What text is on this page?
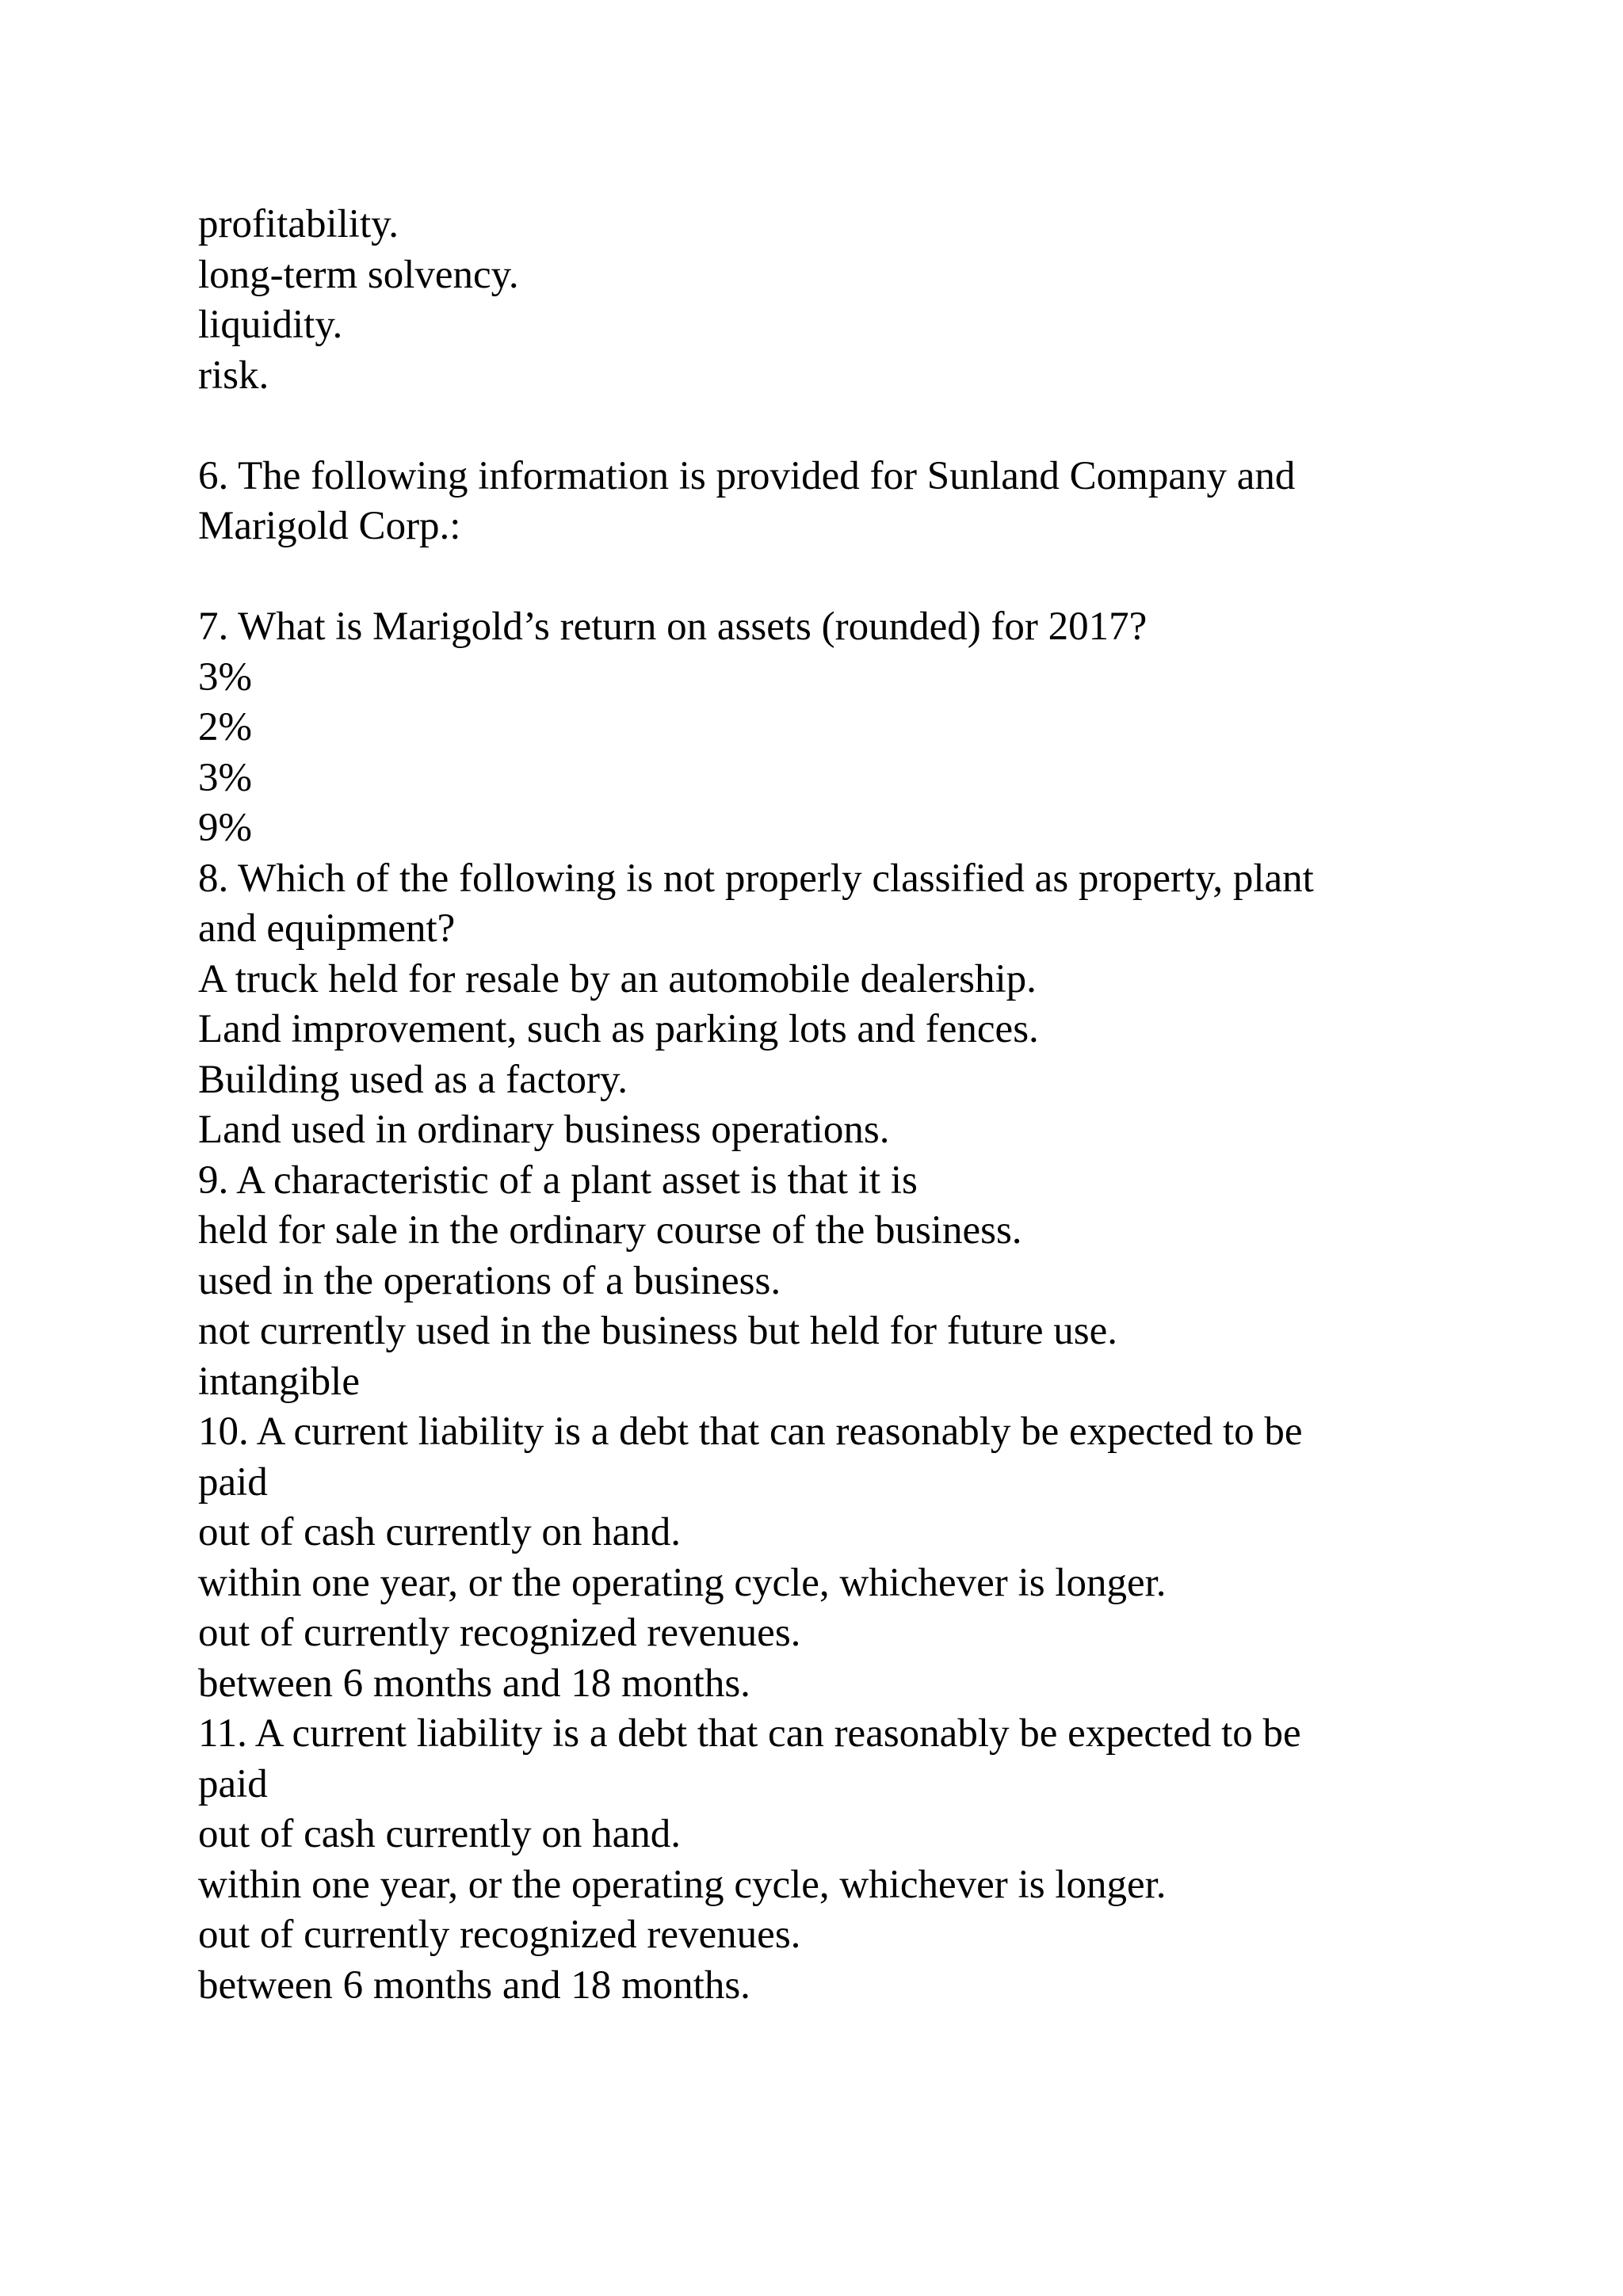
profitability.
long-term solvency.
liquidity.
risk.
6. The following information is provided for Sunland Company and
Marigold Corp.:
7. What is Marigold’s return on assets (rounded) for 2017?
3%
2%
3%
9%
8. Which of the following is not properly classified as property, plant
and equipment?
A truck held for resale by an automobile dealership.
Land improvement, such as parking lots and fences.
Building used as a factory.
Land used in ordinary business operations.
9. A characteristic of a plant asset is that it is
held for sale in the ordinary course of the business.
used in the operations of a business.
not currently used in the business but held for future use.
intangible
10. A current liability is a debt that can reasonably be expected to be
paid
out of cash currently on hand.
within one year, or the operating cycle, whichever is longer.
out of currently recognized revenues.
between 6 months and 18 months.
11. A current liability is a debt that can reasonably be expected to be
paid
out of cash currently on hand.
within one year, or the operating cycle, whichever is longer.
out of currently recognized revenues.
between 6 months and 18 months.
